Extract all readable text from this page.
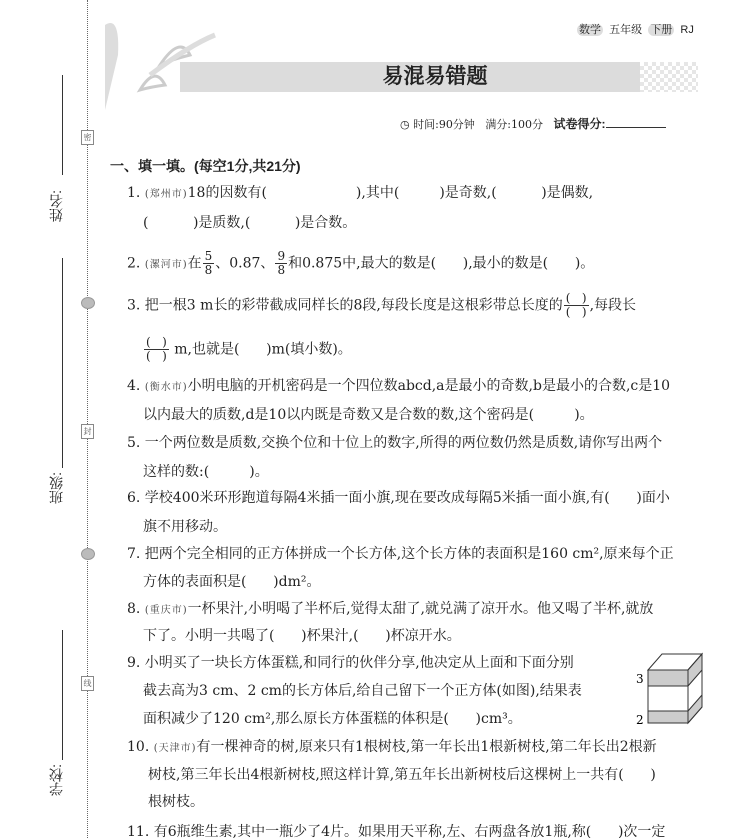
数学 五年级 下册 RJ
易混易错题
◷ 时间:90分钟 满分:100分 试卷得分:
姓名:
班级:
学校:
密
封
线
一、填一填。(每空1分,共21分)
1. (郑州市)18的因数有(                    ),其中(         )是奇数,(          )是偶数,
(          )是质数,(          )是合数。
2. (漯河市)在 $\frac{5}{8}$ 、0.87、 $\frac{9}{8}$ 和0.875中,最大的数是(      ),最小的数是(      )。
3. 把一根3 m长的彩带截成同样长的8段,每段长度是这根彩带总长度的 $\frac{( )}{( )}$ ,每段长
$\frac{( )}{( )} m$,也就是(      )m(填小数)。
4. (衡水市)小明电脑的开机密码是一个四位数abcd,a是最小的奇数,b是最小的合数,c是10
以内最大的质数,d是10以内既是奇数又是合数的数,这个密码是(         )。
5. 一个两位数是质数,交换个位和十位上的数字,所得的两位数仍然是质数,请你写出两个
这样的数:(         )。
6. 学校400米环形跑道每隔4米插一面小旗,现在要改成每隔5米插一面小旗,有(      )面小
旗不用移动。
7. 把两个完全相同的正方体拼成一个长方体,这个长方体的表面积是160 cm²,原来每个正
方体的表面积是(      )dm²。
8. (重庆市)一杯果汁,小明喝了半杯后,觉得太甜了,就兑满了凉开水。他又喝了半杯,就放
下了。小明一共喝了(      )杯果汁,(      )杯凉开水。
9. 小明买了一块长方体蛋糕,和同行的伙伴分享,他决定从上面和下面分别
截去高为3 cm、2 cm的长方体后,给自己留下一个正方体(如图),结果表
面积减少了120 cm²,那么原长方体蛋糕的体积是(      )cm³。
3
2
10. (天津市)有一棵神奇的树,原来只有1根树枝,第一年长出1根新树枝,第二年长出2根新
树枝,第三年长出4根新树枝,照这样计算,第五年长出新树枝后这棵树上一共有(      )
根树枝。
11. 有6瓶维生素,其中一瓶少了4片。如果用天平称,左、右两盘各放1瓶,称(      )次一定
